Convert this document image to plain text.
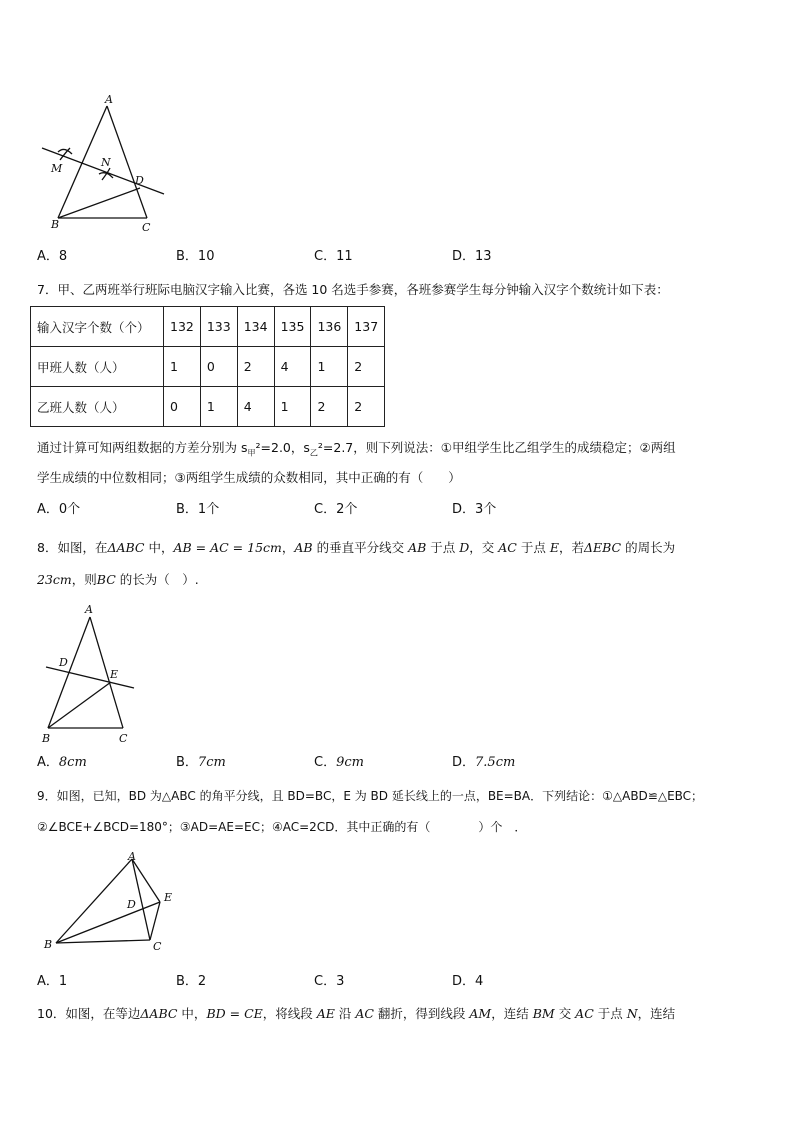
A
M	N
D
B	C
A．8	B．10	C．11	D．13
7．甲、乙两班举行班际电脑汉字输入比赛，各选 10 名选手参赛，各班参赛学生每分钟输入汉字个数统计如下表：
输入汉字个数（个）	132	133	134	135	136	137
甲班人数（人）	1	0	2	4	1	2
乙班人数（人）	0	1	4	1	2	2
通过计算可知两组数据的方差分别为 $s_甲^2=2.0$，$s_乙^2=2.7$，则下列说法：①甲组学生比乙组学生的成绩稳定；②两组
学生成绩的中位数相同；③两组学生成绩的众数相同，其中正确的有（　　）
A．0个	B．1个	C．2个	D．3个
8．如图，在ΔABC 中，AB = AC = 15cm，AB 的垂直平分线交 AB 于点 D，交 AC 于点 E，若ΔEBC 的周长为
23cm，则BC 的长为（　）.
A
D
E
B	C
A．8cm	B．7cm	C．9cm	D．7.5cm
9．如图，已知，BD 为△ABC 的角平分线，且 BD=BC，E 为 BD 延长线上的一点，BE=BA．下列结论：①△ABD≌△EBC；
②∠BCE+∠BCD=180°；③AD=AE=EC；④AC=2CD．其中正确的有（　　　　）个　．
A
D
E
B	C
A．1	B．2	C．3	D．4
10．如图，在等边ΔABC 中，BD = CE，将线段 AE 沿 AC 翻折，得到线段 AM，连结 BM 交 AC 于点 N，连结
